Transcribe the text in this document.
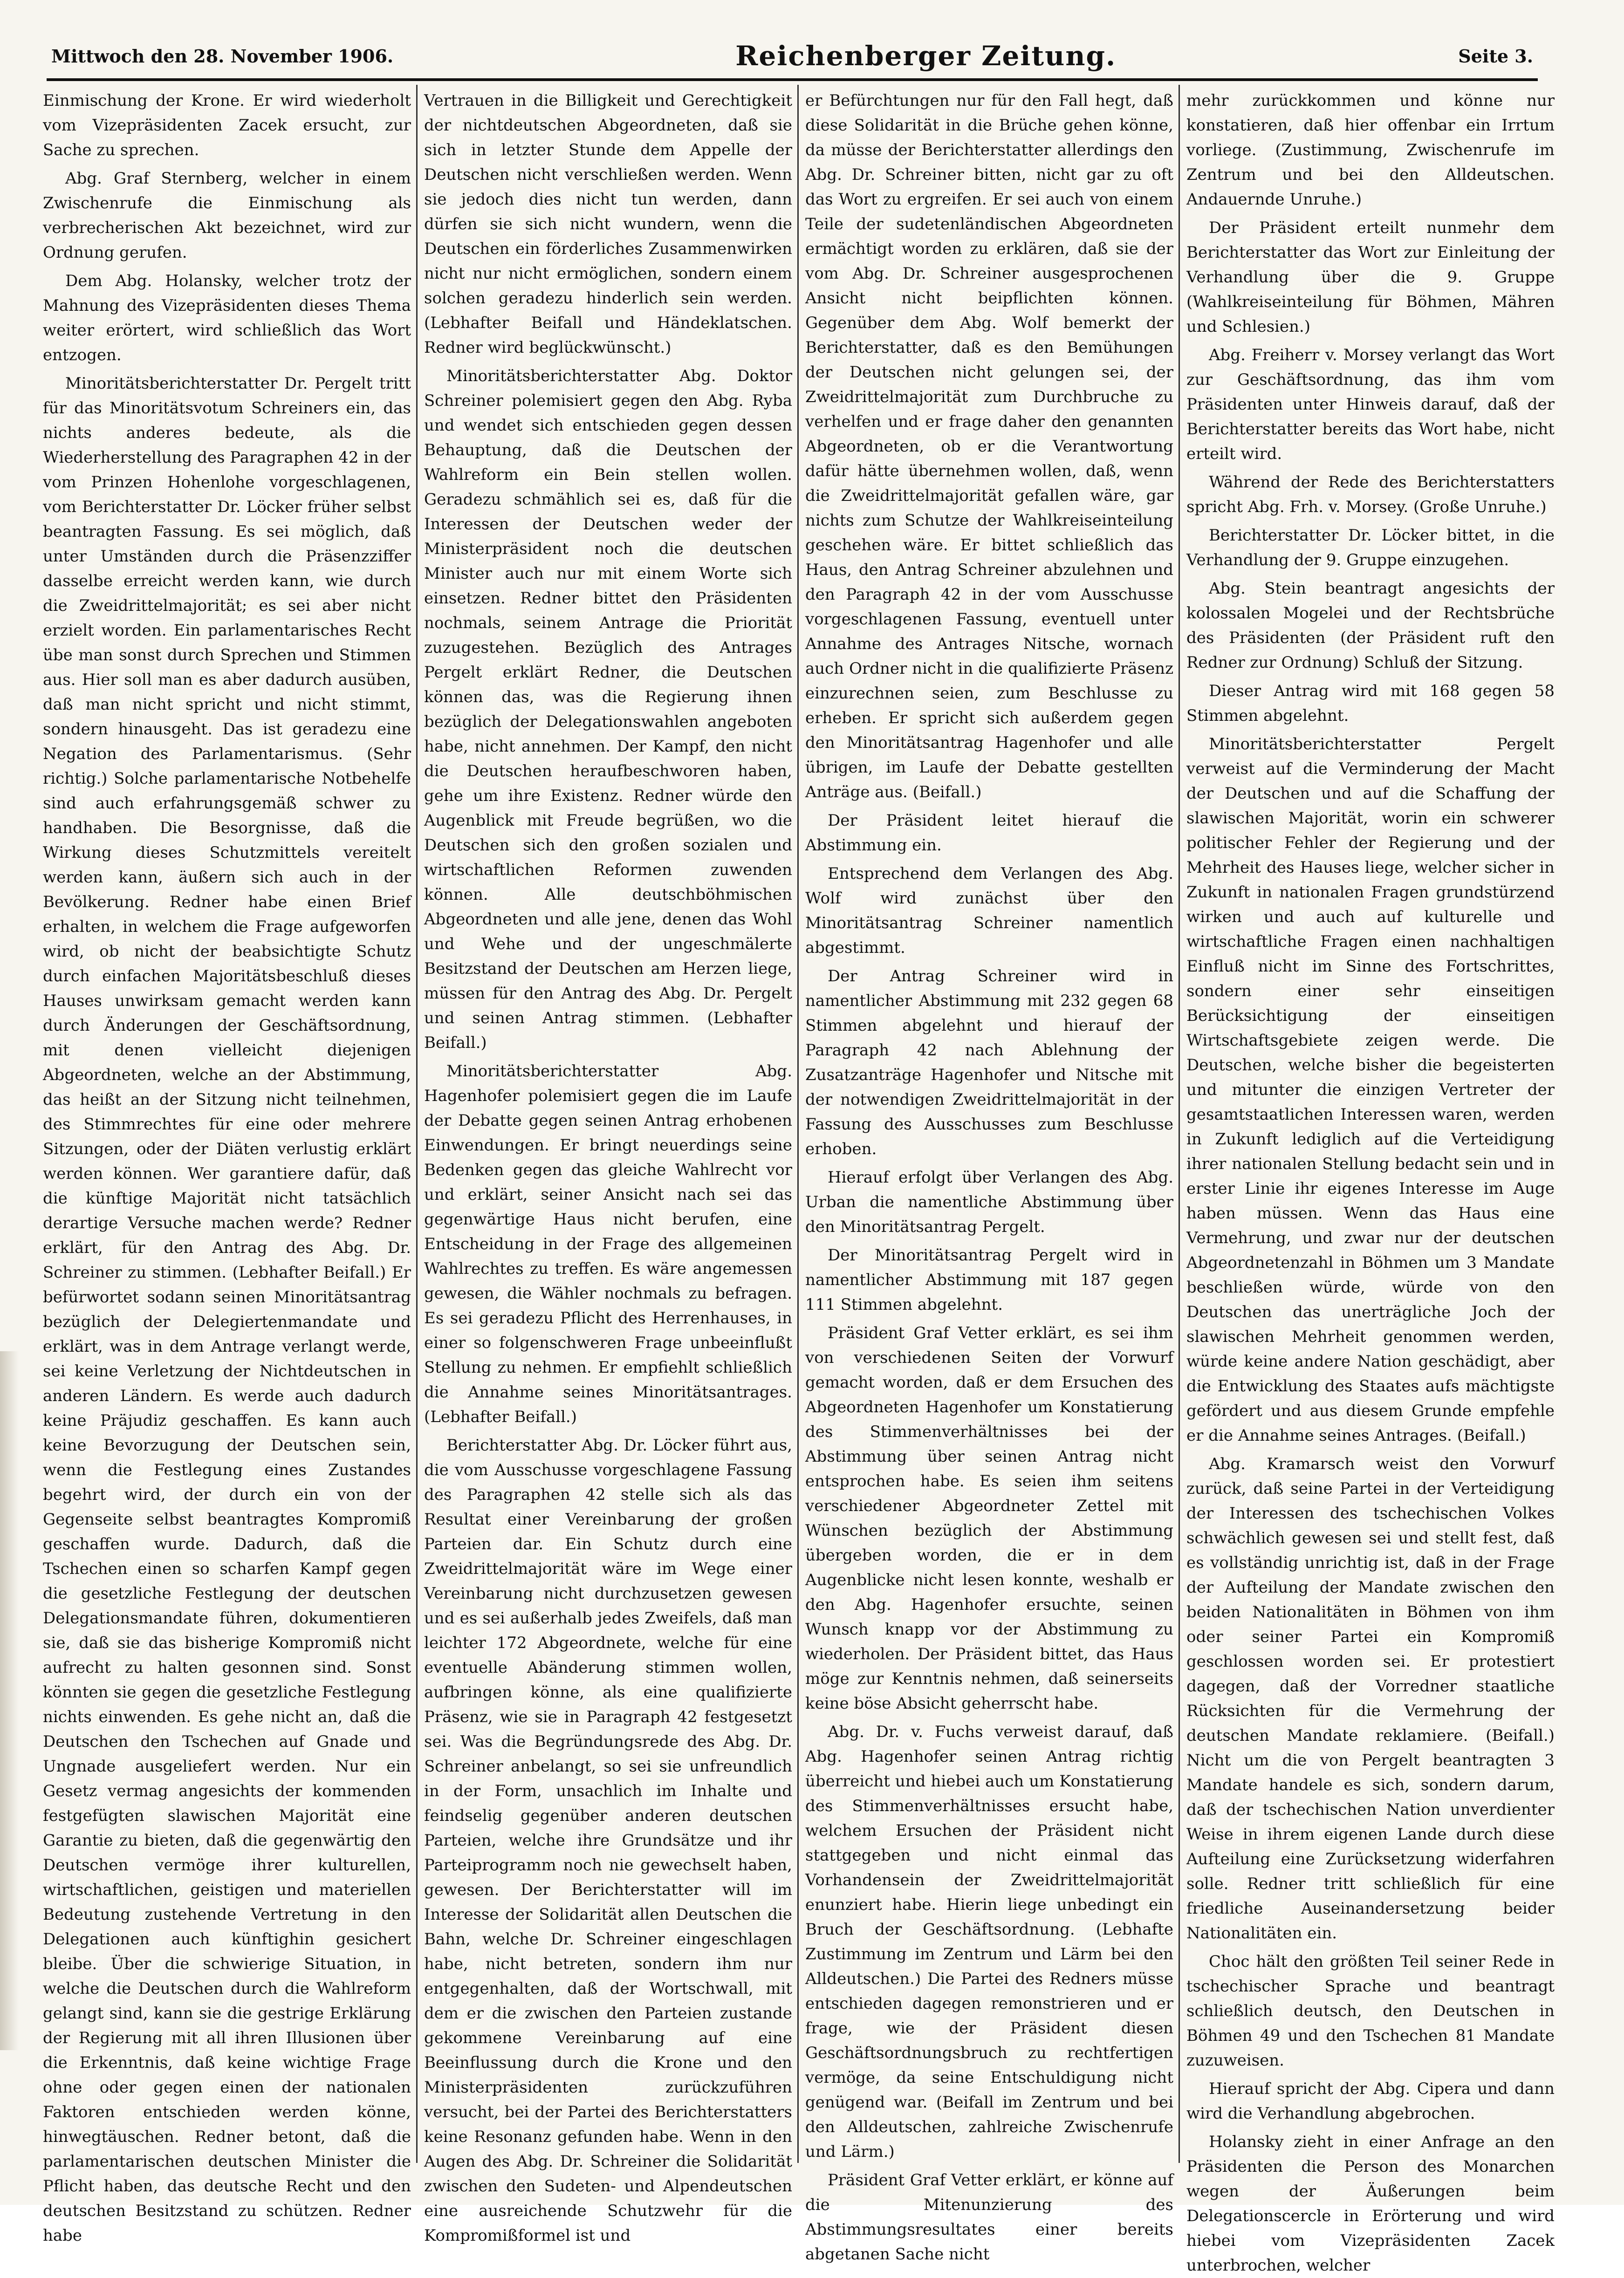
Mittwoch den 28. November 1906.	Reichenberger Zeitung.	Seite 3.

Einmischung der Krone. Er wird wiederholt vom Vizepräsidenten Zacek ersucht, zur Sache zu sprechen.

Abg. Graf Sternberg, welcher in einem Zwischenrufe die Einmischung als verbrecherischen Akt bezeichnet, wird zur Ordnung gerufen.

Dem Abg. Holansky, welcher trotz der Mahnung des Vizepräsidenten dieses Thema weiter erörtert, wird schließlich das Wort entzogen.

Minoritätsberichterstatter Dr. Pergelt tritt für das Minoritätsvotum Schreiners ein, das nichts anderes bedeute, als die Wiederherstellung des Paragraphen 42 in der vom Prinzen Hohenlohe vorgeschlagenen, vom Berichterstatter Dr. Löcker früher selbst beantragten Fassung. Es sei möglich, daß unter Umständen durch die Präsenzziffer dasselbe erreicht werden kann, wie durch die Zweidrittelmajorität; es sei aber nicht erzielt worden. Ein parlamentarisches Recht übe man sonst durch Sprechen und Stimmen aus. Hier soll man es aber dadurch ausüben, daß man nicht spricht und nicht stimmt, sondern hinausgeht. Das ist geradezu eine Negation des Parlamentarismus. (Sehr richtig.) Solche parlamentarische Notbehelfe sind auch erfahrungsgemäß schwer zu handhaben. Die Besorgnisse, daß die Wirkung dieses Schutzmittels vereitelt werden kann, äußern sich auch in der Bevölkerung. Redner habe einen Brief erhalten, in welchem die Frage aufgeworfen wird, ob nicht der beabsichtigte Schutz durch einfachen Majoritätsbeschluß dieses Hauses unwirksam gemacht werden kann durch Änderungen der Geschäftsordnung, mit denen vielleicht diejenigen Abgeordneten, welche an der Abstimmung, das heißt an der Sitzung nicht teilnehmen, des Stimmrechtes für eine oder mehrere Sitzungen, oder der Diäten verlustig erklärt werden können. Wer garantiere dafür, daß die künftige Majorität nicht tatsächlich derartige Versuche machen werde? Redner erklärt, für den Antrag des Abg. Dr. Schreiner zu stimmen. (Lebhafter Beifall.) Er befürwortet sodann seinen Minoritätsantrag bezüglich der Delegiertenmandate und erklärt, was in dem Antrage verlangt werde, sei keine Verletzung der Nichtdeutschen in anderen Ländern. Es werde auch dadurch keine Präjudiz geschaffen. Es kann auch keine Bevorzugung der Deutschen sein, wenn die Festlegung eines Zustandes begehrt wird, der durch ein von der Gegenseite selbst beantragtes Kompromiß geschaffen wurde. Dadurch, daß die Tschechen einen so scharfen Kampf gegen die gesetzliche Festlegung der deutschen Delegationsmandate führen, dokumentieren sie, daß sie das bisherige Kompromiß nicht aufrecht zu halten gesonnen sind. Sonst könnten sie gegen die gesetzliche Festlegung nichts einwenden. Es gehe nicht an, daß die Deutschen den Tschechen auf Gnade und Ungnade ausgeliefert werden. Nur ein Gesetz vermag angesichts der kommenden festgefügten slawischen Majorität eine Garantie zu bieten, daß die gegenwärtig den Deutschen vermöge ihrer kulturellen, wirtschaftlichen, geistigen und materiellen Bedeutung zustehende Vertretung in den Delegationen auch künftighin gesichert bleibe. Über die schwierige Situation, in welche die Deutschen durch die Wahlreform gelangt sind, kann sie die gestrige Erklärung der Regierung mit all ihren Illusionen über die Erkenntnis, daß keine wichtige Frage ohne oder gegen einen der nationalen Faktoren entschieden werden könne, hinwegtäuschen. Redner betont, daß die parlamentarischen deutschen Minister die Pflicht haben, das deutsche Recht und den deutschen Besitzstand zu schützen. Redner habe

Vertrauen in die Billigkeit und Gerechtigkeit der nichtdeutschen Abgeordneten, daß sie sich in letzter Stunde dem Appelle der Deutschen nicht verschließen werden. Wenn sie jedoch dies nicht tun werden, dann dürfen sie sich nicht wundern, wenn die Deutschen ein förderliches Zusammenwirken nicht nur nicht ermöglichen, sondern einem solchen geradezu hinderlich sein werden. (Lebhafter Beifall und Händeklatschen. Redner wird beglückwünscht.)

Minoritätsberichterstatter Abg. Doktor Schreiner polemisiert gegen den Abg. Ryba und wendet sich entschieden gegen dessen Behauptung, daß die Deutschen der Wahlreform ein Bein stellen wollen. Geradezu schmählich sei es, daß für die Interessen der Deutschen weder der Ministerpräsident noch die deutschen Minister auch nur mit einem Worte sich einsetzen. Redner bittet den Präsidenten nochmals, seinem Antrage die Priorität zuzugestehen. Bezüglich des Antrages Pergelt erklärt Redner, die Deutschen können das, was die Regierung ihnen bezüglich der Delegationswahlen angeboten habe, nicht annehmen. Der Kampf, den nicht die Deutschen heraufbeschworen haben, gehe um ihre Existenz. Redner würde den Augenblick mit Freude begrüßen, wo die Deutschen sich den großen sozialen und wirtschaftlichen Reformen zuwenden können. Alle deutschböhmischen Abgeordneten und alle jene, denen das Wohl und Wehe und der ungeschmälerte Besitzstand der Deutschen am Herzen liege, müssen für den Antrag des Abg. Dr. Pergelt und seinen Antrag stimmen. (Lebhafter Beifall.)

Minoritätsberichterstatter Abg. Hagenhofer polemisiert gegen die im Laufe der Debatte gegen seinen Antrag erhobenen Einwendungen. Er bringt neuerdings seine Bedenken gegen das gleiche Wahlrecht vor und erklärt, seiner Ansicht nach sei das gegenwärtige Haus nicht berufen, eine Entscheidung in der Frage des allgemeinen Wahlrechtes zu treffen. Es wäre angemessen gewesen, die Wähler nochmals zu befragen. Es sei geradezu Pflicht des Herrenhauses, in einer so folgenschweren Frage unbeeinflußt Stellung zu nehmen. Er empfiehlt schließlich die Annahme seines Minoritätsantrages. (Lebhafter Beifall.)

Berichterstatter Abg. Dr. Löcker führt aus, die vom Ausschusse vorgeschlagene Fassung des Paragraphen 42 stelle sich als das Resultat einer Vereinbarung der großen Parteien dar. Ein Schutz durch eine Zweidrittelmajorität wäre im Wege einer Vereinbarung nicht durchzusetzen gewesen und es sei außerhalb jedes Zweifels, daß man leichter 172 Abgeordnete, welche für eine eventuelle Abänderung stimmen wollen, aufbringen könne, als eine qualifizierte Präsenz, wie sie in Paragraph 42 festgesetzt sei. Was die Begründungsrede des Abg. Dr. Schreiner anbelangt, so sei sie unfreundlich in der Form, unsachlich im Inhalte und feindselig gegenüber anderen deutschen Parteien, welche ihre Grundsätze und ihr Parteiprogramm noch nie gewechselt haben, gewesen. Der Berichterstatter will im Interesse der Solidarität allen Deutschen die Bahn, welche Dr. Schreiner eingeschlagen habe, nicht betreten, sondern ihm nur entgegenhalten, daß der Wortschwall, mit dem er die zwischen den Parteien zustande gekommene Vereinbarung auf eine Beeinflussung durch die Krone und den Ministerpräsidenten zurückzuführen versucht, bei der Partei des Berichterstatters keine Resonanz gefunden habe. Wenn in den Augen des Abg. Dr. Schreiner die Solidarität zwischen den Sudeten- und Alpendeutschen eine ausreichende Schutzwehr für die Kompromißformel ist und

er Befürchtungen nur für den Fall hegt, daß diese Solidarität in die Brüche gehen könne, da müsse der Berichterstatter allerdings den Abg. Dr. Schreiner bitten, nicht gar zu oft das Wort zu ergreifen. Er sei auch von einem Teile der sudetenländischen Abgeordneten ermächtigt worden zu erklären, daß sie der vom Abg. Dr. Schreiner ausgesprochenen Ansicht nicht beipflichten können. Gegenüber dem Abg. Wolf bemerkt der Berichterstatter, daß es den Bemühungen der Deutschen nicht gelungen sei, der Zweidrittelmajorität zum Durchbruche zu verhelfen und er frage daher den genannten Abgeordneten, ob er die Verantwortung dafür hätte übernehmen wollen, daß, wenn die Zweidrittelmajorität gefallen wäre, gar nichts zum Schutze der Wahlkreiseinteilung geschehen wäre. Er bittet schließlich das Haus, den Antrag Schreiner abzulehnen und den Paragraph 42 in der vom Ausschusse vorgeschlagenen Fassung, eventuell unter Annahme des Antrages Nitsche, wornach auch Ordner nicht in die qualifizierte Präsenz einzurechnen seien, zum Beschlusse zu erheben. Er spricht sich außerdem gegen den Minoritätsantrag Hagenhofer und alle übrigen, im Laufe der Debatte gestellten Anträge aus. (Beifall.)

Der Präsident leitet hierauf die Abstimmung ein.

Entsprechend dem Verlangen des Abg. Wolf wird zunächst über den Minoritätsantrag Schreiner namentlich abgestimmt.

Der Antrag Schreiner wird in namentlicher Abstimmung mit 232 gegen 68 Stimmen abgelehnt und hierauf der Paragraph 42 nach Ablehnung der Zusatzanträge Hagenhofer und Nitsche mit der notwendigen Zweidrittelmajorität in der Fassung des Ausschusses zum Beschlusse erhoben.

Hierauf erfolgt über Verlangen des Abg. Urban die namentliche Abstimmung über den Minoritätsantrag Pergelt.

Der Minoritätsantrag Pergelt wird in namentlicher Abstimmung mit 187 gegen 111 Stimmen abgelehnt.

Präsident Graf Vetter erklärt, es sei ihm von verschiedenen Seiten der Vorwurf gemacht worden, daß er dem Ersuchen des Abgeordneten Hagenhofer um Konstatierung des Stimmenverhältnisses bei der Abstimmung über seinen Antrag nicht entsprochen habe. Es seien ihm seitens verschiedener Abgeordneter Zettel mit Wünschen bezüglich der Abstimmung übergeben worden, die er in dem Augenblicke nicht lesen konnte, weshalb er den Abg. Hagenhofer ersuchte, seinen Wunsch knapp vor der Abstimmung zu wiederholen. Der Präsident bittet, das Haus möge zur Kenntnis nehmen, daß seinerseits keine böse Absicht geherrscht habe.

Abg. Dr. v. Fuchs verweist darauf, daß Abg. Hagenhofer seinen Antrag richtig überreicht und hiebei auch um Konstatierung des Stimmenverhältnisses ersucht habe, welchem Ersuchen der Präsident nicht stattgegeben und nicht einmal das Vorhandensein der Zweidrittelmajorität enunziert habe. Hierin liege unbedingt ein Bruch der Geschäftsordnung. (Lebhafte Zustimmung im Zentrum und Lärm bei den Alldeutschen.) Die Partei des Redners müsse entschieden dagegen remonstrieren und er frage, wie der Präsident diesen Geschäftsordnungsbruch zu rechtfertigen vermöge, da seine Entschuldigung nicht genügend war. (Beifall im Zentrum und bei den Alldeutschen, zahlreiche Zwischenrufe und Lärm.)

Präsident Graf Vetter erklärt, er könne auf die Mitenunzierung des Abstimmungsresultates einer bereits abgetanen Sache nicht

mehr zurückkommen und könne nur konstatieren, daß hier offenbar ein Irrtum vorliege. (Zustimmung, Zwischenrufe im Zentrum und bei den Alldeutschen. Andauernde Unruhe.)

Der Präsident erteilt nunmehr dem Berichterstatter das Wort zur Einleitung der Verhandlung über die 9. Gruppe (Wahlkreiseinteilung für Böhmen, Mähren und Schlesien.)

Abg. Freiherr v. Morsey verlangt das Wort zur Geschäftsordnung, das ihm vom Präsidenten unter Hinweis darauf, daß der Berichterstatter bereits das Wort habe, nicht erteilt wird.

Während der Rede des Berichterstatters spricht Abg. Frh. v. Morsey. (Große Unruhe.)

Berichterstatter Dr. Löcker bittet, in die Verhandlung der 9. Gruppe einzugehen.

Abg. Stein beantragt angesichts der kolossalen Mogelei und der Rechtsbrüche des Präsidenten (der Präsident ruft den Redner zur Ordnung) Schluß der Sitzung.

Dieser Antrag wird mit 168 gegen 58 Stimmen abgelehnt.

Minoritätsberichterstatter Pergelt verweist auf die Verminderung der Macht der Deutschen und auf die Schaffung der slawischen Majorität, worin ein schwerer politischer Fehler der Regierung und der Mehrheit des Hauses liege, welcher sicher in Zukunft in nationalen Fragen grundstürzend wirken und auch auf kulturelle und wirtschaftliche Fragen einen nachhaltigen Einfluß nicht im Sinne des Fortschrittes, sondern einer sehr einseitigen Berücksichtigung der einseitigen Wirtschaftsgebiete zeigen werde. Die Deutschen, welche bisher die begeisterten und mitunter die einzigen Vertreter der gesamtstaatlichen Interessen waren, werden in Zukunft lediglich auf die Verteidigung ihrer nationalen Stellung bedacht sein und in erster Linie ihr eigenes Interesse im Auge haben müssen. Wenn das Haus eine Vermehrung, und zwar nur der deutschen Abgeordnetenzahl in Böhmen um 3 Mandate beschließen würde, würde von den Deutschen das unerträgliche Joch der slawischen Mehrheit genommen werden, würde keine andere Nation geschädigt, aber die Entwicklung des Staates aufs mächtigste gefördert und aus diesem Grunde empfehle er die Annahme seines Antrages. (Beifall.)

Abg. Kramarsch weist den Vorwurf zurück, daß seine Partei in der Verteidigung der Interessen des tschechischen Volkes schwächlich gewesen sei und stellt fest, daß es vollständig unrichtig ist, daß in der Frage der Aufteilung der Mandate zwischen den beiden Nationalitäten in Böhmen von ihm oder seiner Partei ein Kompromiß geschlossen worden sei. Er protestiert dagegen, daß der Vorredner staatliche Rücksichten für die Vermehrung der deutschen Mandate reklamiere. (Beifall.) Nicht um die von Pergelt beantragten 3 Mandate handele es sich, sondern darum, daß der tschechischen Nation unverdienter Weise in ihrem eigenen Lande durch diese Aufteilung eine Zurücksetzung widerfahren solle. Redner tritt schließlich für eine friedliche Auseinandersetzung beider Nationalitäten ein.

Choc hält den größten Teil seiner Rede in tschechischer Sprache und beantragt schließlich deutsch, den Deutschen in Böhmen 49 und den Tschechen 81 Mandate zuzuweisen.

Hierauf spricht der Abg. Cipera und dann wird die Verhandlung abgebrochen.

Holansky zieht in einer Anfrage an den Präsidenten die Person des Monarchen wegen der Äußerungen beim Delegationscercle in Erörterung und wird hiebei vom Vizepräsidenten Zacek unterbrochen, welcher
